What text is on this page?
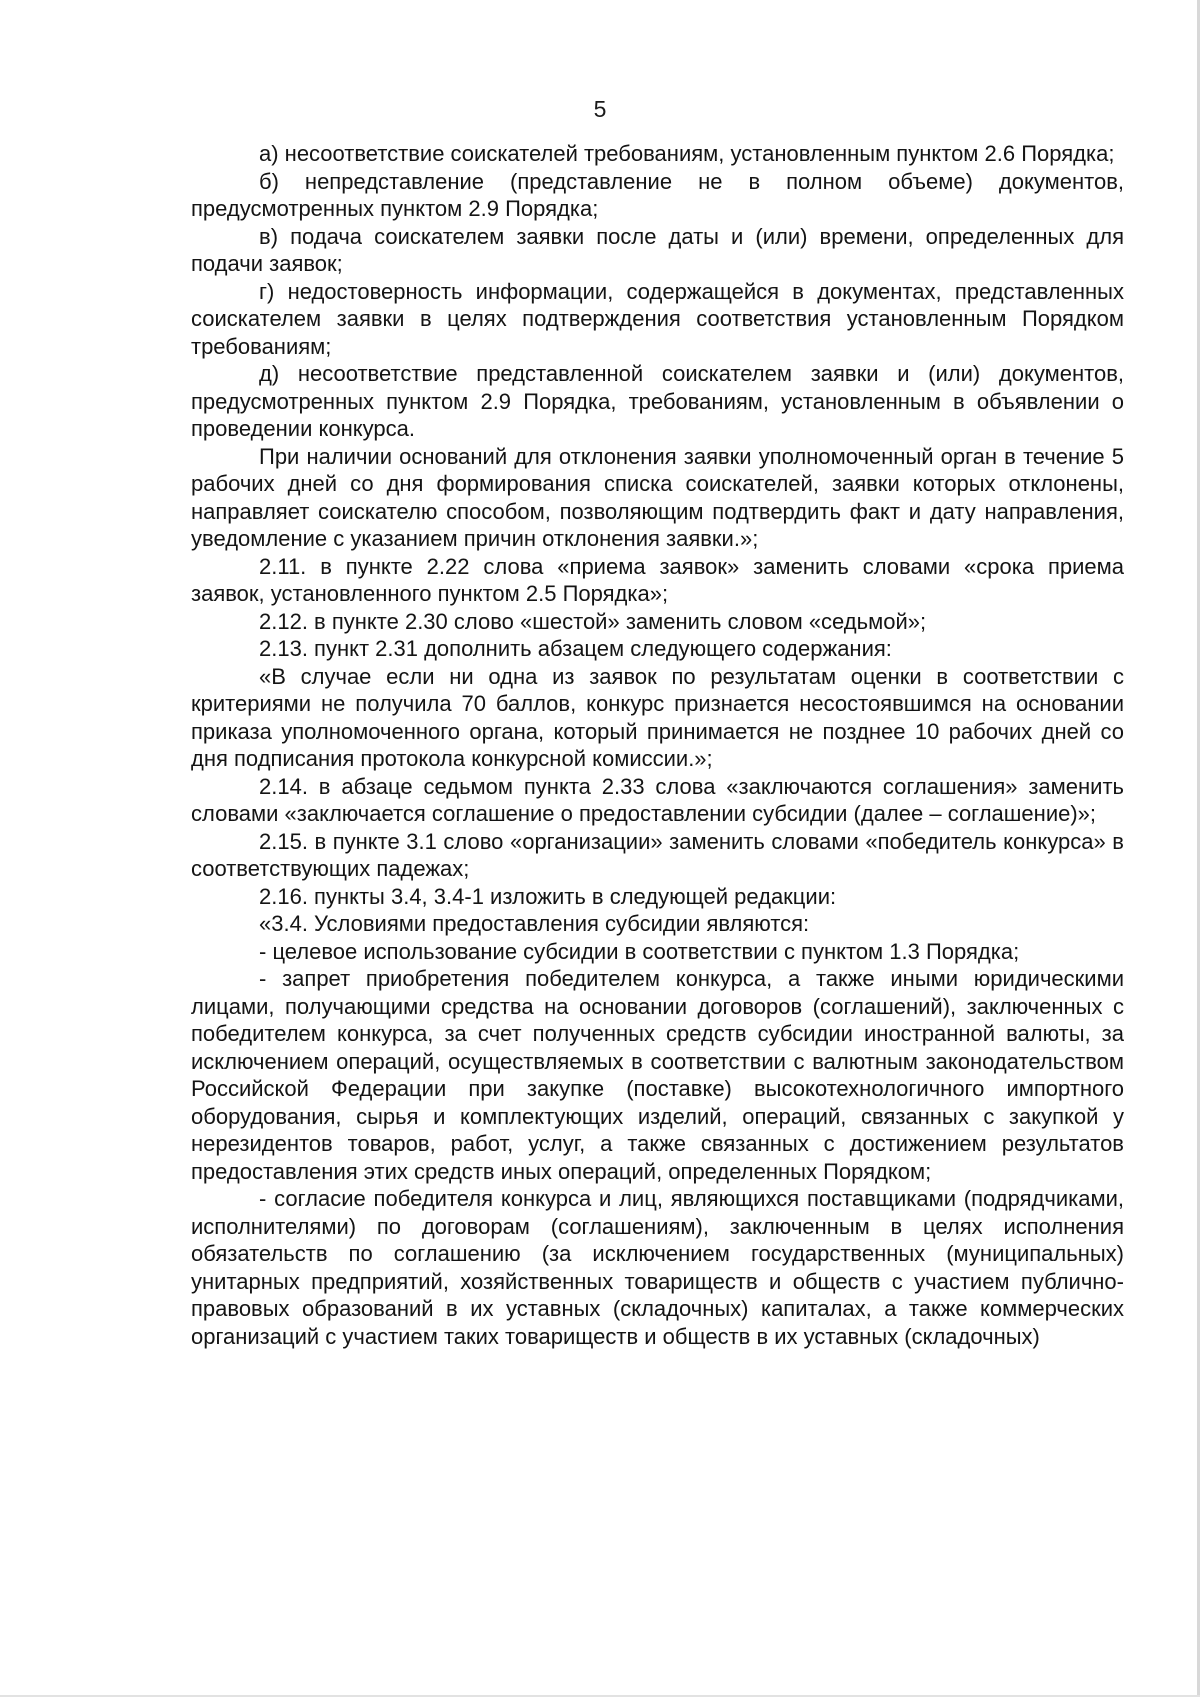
5

а) несоответствие соискателей требованиям, установленным пунктом 2.6 Порядка;

б) непредставление (представление не в полном объеме) документов, предусмотренных пунктом 2.9 Порядка;

в) подача соискателем заявки после даты и (или) времени, определенных для подачи заявок;

г) недостоверность информации, содержащейся в документах, представленных соискателем заявки в целях подтверждения соответствия установленным Порядком требованиям;

д) несоответствие представленной соискателем заявки и (или) документов, предусмотренных пунктом 2.9 Порядка, требованиям, установленным в объявлении о проведении конкурса.

При наличии оснований для отклонения заявки уполномоченный орган в течение 5 рабочих дней со дня формирования списка соискателей, заявки которых отклонены, направляет соискателю способом, позволяющим подтвердить факт и дату направления, уведомление с указанием причин отклонения заявки.»;

2.11. в пункте 2.22 слова «приема заявок» заменить словами «срока приема заявок, установленного пунктом 2.5 Порядка»;

2.12. в пункте 2.30 слово «шестой» заменить словом «седьмой»;

2.13. пункт 2.31 дополнить абзацем следующего содержания:

«В случае если ни одна из заявок по результатам оценки в соответствии с критериями не получила 70 баллов, конкурс признается несостоявшимся на основании приказа уполномоченного органа, который принимается не позднее 10 рабочих дней со дня подписания протокола конкурсной комиссии.»;

2.14. в абзаце седьмом пункта 2.33 слова «заключаются соглашения» заменить словами «заключается соглашение о предоставлении субсидии (далее – соглашение)»;

2.15. в пункте 3.1 слово «организации» заменить словами «победитель конкурса» в соответствующих падежах;

2.16. пункты 3.4, 3.4-1 изложить в следующей редакции:

«3.4. Условиями предоставления субсидии являются:

- целевое использование субсидии в соответствии с пунктом 1.3 Порядка;

- запрет приобретения победителем конкурса, а также иными юридическими лицами, получающими средства на основании договоров (соглашений), заключенных с победителем конкурса, за счет полученных средств субсидии иностранной валюты, за исключением операций, осуществляемых в соответствии с валютным законодательством Российской Федерации при закупке (поставке) высокотехнологичного импортного оборудования, сырья и комплектующих изделий, операций, связанных с закупкой у нерезидентов товаров, работ, услуг, а также связанных с достижением результатов предоставления этих средств иных операций, определенных Порядком;

- согласие победителя конкурса и лиц, являющихся поставщиками (подрядчиками, исполнителями) по договорам (соглашениям), заключенным в целях исполнения обязательств по соглашению (за исключением государственных (муниципальных) унитарных предприятий, хозяйственных товариществ и обществ с участием публично-правовых образований в их уставных (складочных) капиталах, а также коммерческих организаций с участием таких товариществ и обществ в их уставных (складочных)
